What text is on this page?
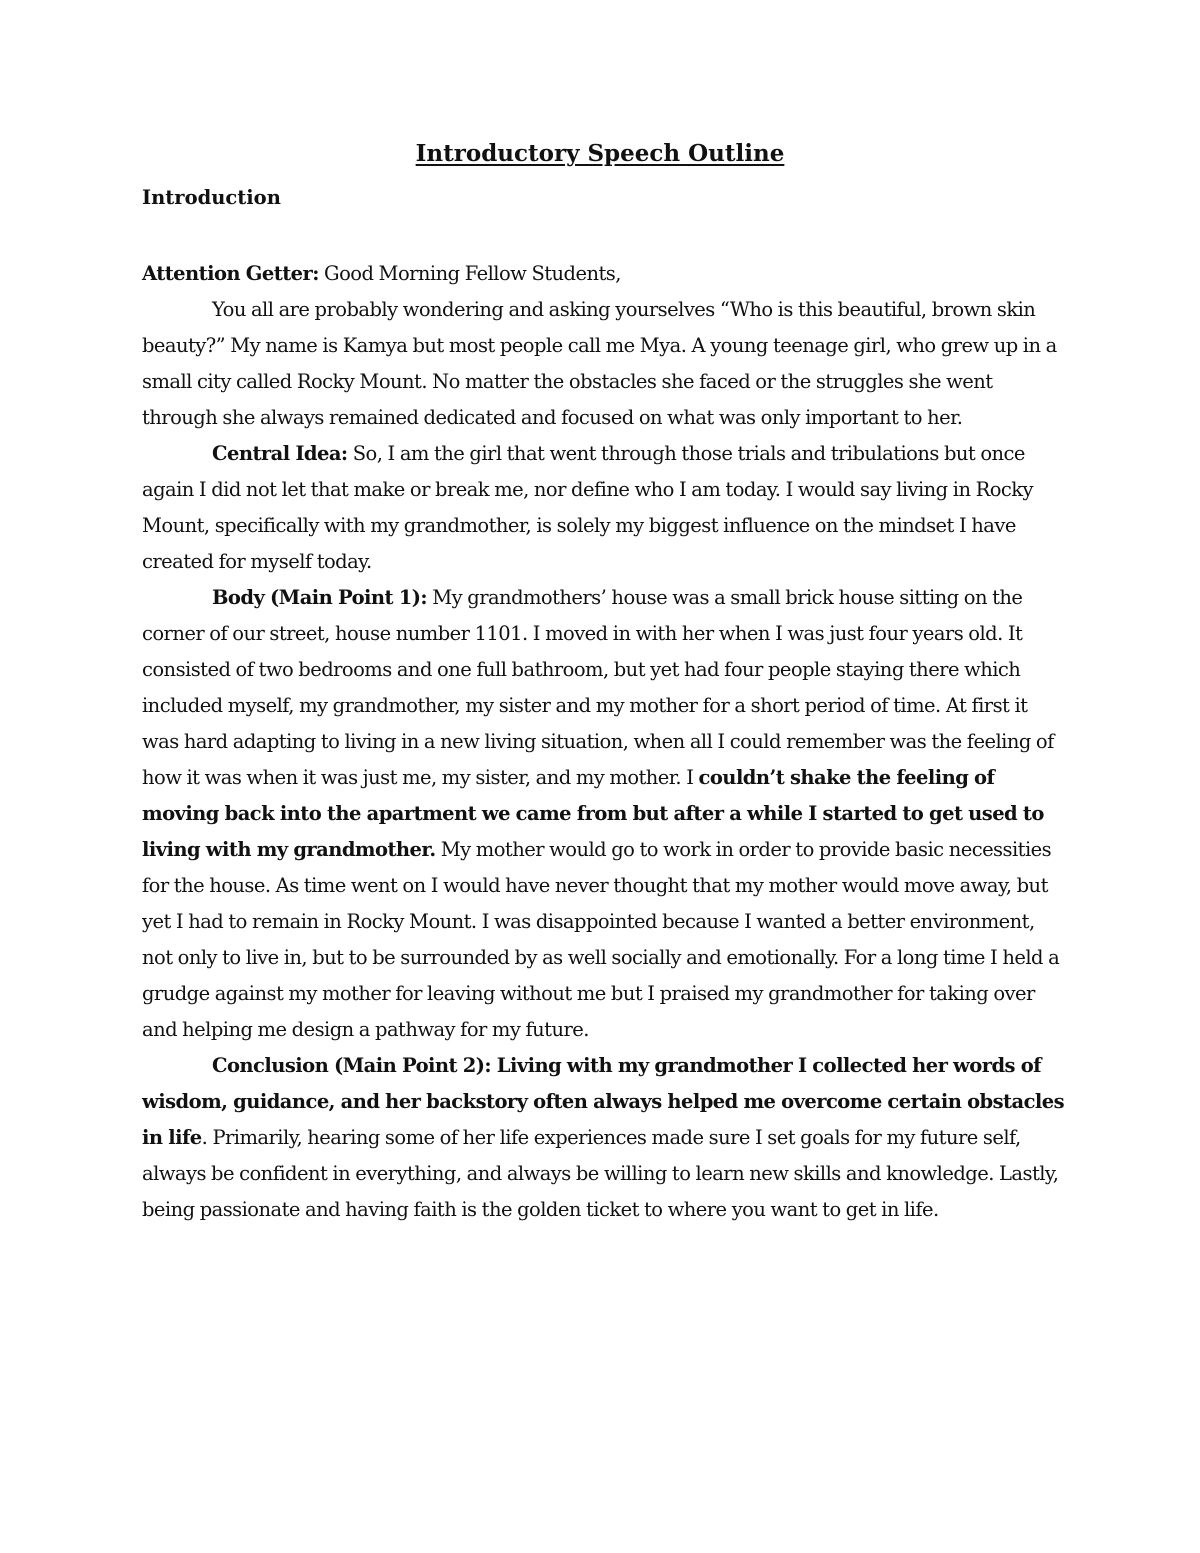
Introductory Speech Outline
Introduction

Attention Getter: Good Morning Fellow Students,

You all are probably wondering and asking yourselves “Who is this beautiful, brown skin beauty?” My name is Kamya but most people call me Mya. A young teenage girl, who grew up in a small city called Rocky Mount. No matter the obstacles she faced or the struggles she went through she always remained dedicated and focused on what was only important to her.

Central Idea: So, I am the girl that went through those trials and tribulations but once again I did not let that make or break me, nor define who I am today. I would say living in Rocky Mount, specifically with my grandmother, is solely my biggest influence on the mindset I have created for myself today.

Body (Main Point 1): My grandmothers’ house was a small brick house sitting on the corner of our street, house number 1101. I moved in with her when I was just four years old. It consisted of two bedrooms and one full bathroom, but yet had four people staying there which included myself, my grandmother, my sister and my mother for a short period of time. At first it was hard adapting to living in a new living situation, when all I could remember was the feeling of how it was when it was just me, my sister, and my mother. I couldn’t shake the feeling of moving back into the apartment we came from but after a while I started to get used to living with my grandmother. My mother would go to work in order to provide basic necessities for the house. As time went on I would have never thought that my mother would move away, but yet I had to remain in Rocky Mount. I was disappointed because I wanted a better environment, not only to live in, but to be surrounded by as well socially and emotionally. For a long time I held a grudge against my mother for leaving without me but I praised my grandmother for taking over and helping me design a pathway for my future.

Conclusion (Main Point 2): Living with my grandmother I collected her words of wisdom, guidance, and her backstory often always helped me overcome certain obstacles in life. Primarily, hearing some of her life experiences made sure I set goals for my future self, always be confident in everything, and always be willing to learn new skills and knowledge. Lastly, being passionate and having faith is the golden ticket to where you want to get in life.
